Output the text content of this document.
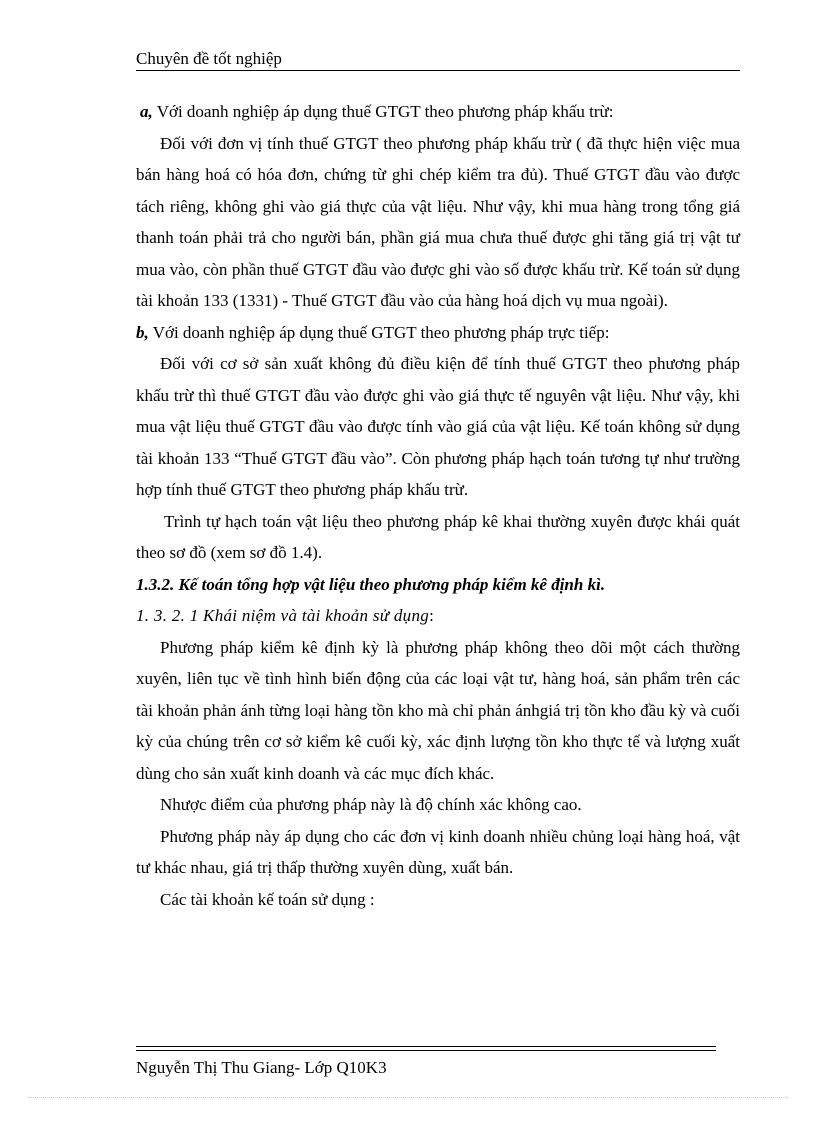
Chuyên đề tốt nghiệp

a, Với doanh nghiệp áp dụng thuế GTGT theo phương pháp khấu trừ:

Đối với đơn vị tính thuế GTGT theo phương pháp khấu trừ ( đã thực hiện việc mua bán hàng hoá có hóa đơn, chứng từ ghi chép kiểm tra đủ). Thuế GTGT đầu vào được tách riêng, không ghi vào giá thực của vật liệu. Như vậy, khi mua hàng trong tổng giá thanh toán phải trả cho người bán, phần giá mua chưa thuế được ghi tăng giá trị vật tư mua vào, còn phần thuế GTGT đầu vào được ghi vào số được khấu trừ. Kế toán sử dụng tài khoản 133 (1331) - Thuế GTGT đầu vào của hàng hoá dịch vụ mua ngoài).

b, Với doanh nghiệp áp dụng thuế GTGT theo phương pháp trực tiếp:

Đối với cơ sở sản xuất không đủ điều kiện để tính thuế GTGT theo phương pháp khấu trừ thì thuế GTGT đầu vào được ghi vào giá thực tế nguyên vật liệu. Như vậy, khi mua vật liệu thuế GTGT đầu vào được tính vào giá của vật liệu. Kế toán không sử dụng tài khoản 133 “Thuế GTGT đầu vào”. Còn phương pháp hạch toán tương tự như trường hợp tính thuế GTGT theo phương pháp khấu trừ.

Trình tự hạch toán vật liệu theo phương pháp kê khai thường xuyên được khái quát theo sơ đồ (xem sơ đồ 1.4).

1.3.2. Kế toán tổng hợp vật liệu theo phương pháp kiểm kê định kì.

1. 3. 2. 1 Khái niệm và tài khoản sử dụng:

Phương pháp kiểm kê định kỳ là phương pháp không theo dõi một cách thường xuyên, liên tục về tình hình biến động của các loại vật tư, hàng hoá, sản phẩm trên các tài khoản phản ánh từng loại hàng tồn kho mà chỉ phản ánhgiá trị tồn kho đầu kỳ và cuối kỳ của chúng trên cơ sở kiểm kê cuối kỳ, xác định lượng tồn kho thực tế và lượng xuất dùng cho sản xuất kinh doanh và các mục đích khác.

Nhược điểm của phương pháp này là độ chính xác không cao.

Phương pháp này áp dụng cho các đơn vị kinh doanh nhiều chủng loại hàng hoá, vật tư khác nhau, giá trị thấp thường xuyên dùng, xuất bán.

Các tài khoản kế toán sử dụng :

Nguyễn Thị Thu Giang- Lớp Q10K3
